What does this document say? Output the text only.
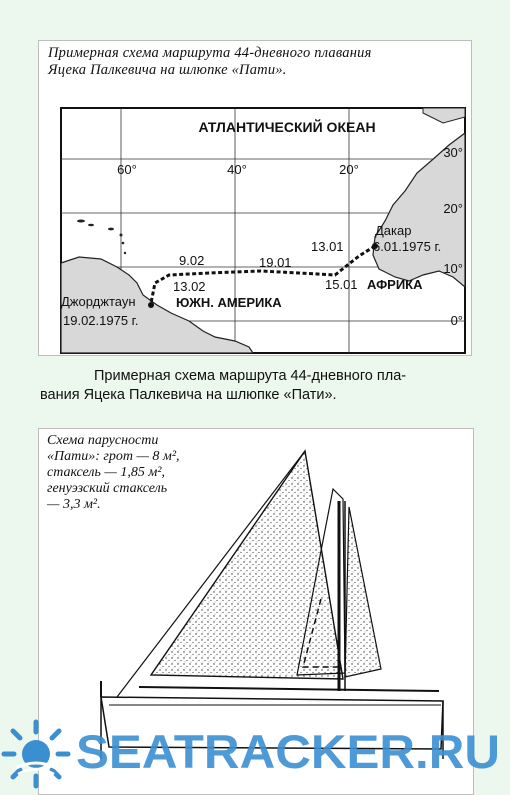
Примерная схема маршрута 44-дневного плавания
Яцека Палкевича на шлюпке «Пати».
АТЛАНТИЧЕСКИЙ ОКЕАН
60°	40°	20°
30°
20°
10°
0°
9.02	19.01
13.01
13.02	15.01
Дакар
6.01.1975 г.
Джорджтаун
19.02.1975 г.
ЮЖН. АМЕРИКА
АФРИКА
Примерная схема маршрута 44-дневного пла-
вания Яцека Палкевича на шлюпке «Пати».
Схема парусности
«Пати»: грот — 8 м²,
стаксель — 1,85 м²,
генуэзский стаксель
— 3,3 м².
SEATRACKER.RU
